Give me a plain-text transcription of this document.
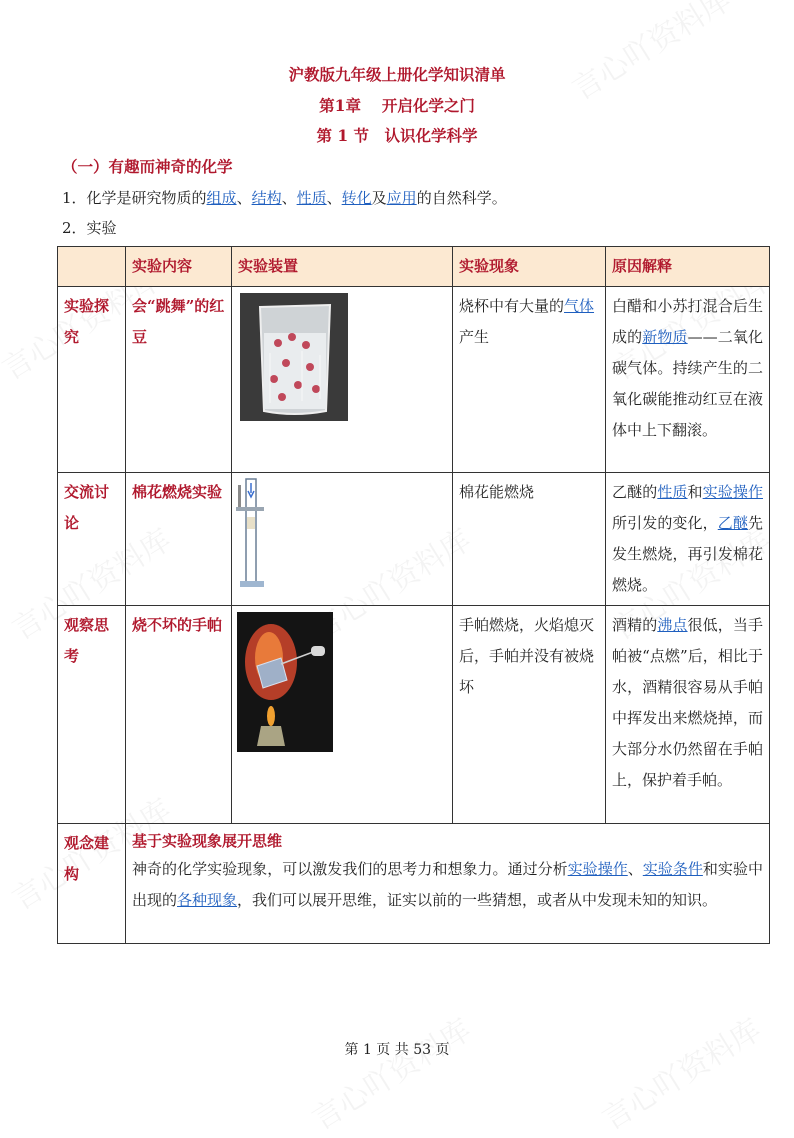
沪教版九年级上册化学知识清单
第1章　 开启化学之门
第 1 节　认识化学科学
（一）有趣而神奇的化学
1．化学是研究物质的组成、结构、性质、转化及应用的自然科学。
2．实验
	实验内容	实验装置	实验现象	原因解释
实验探究	会“跳舞”的红豆		烧杯中有大量的气体产生	白醋和小苏打混合后生成的新物质——二氧化碳气体。持续产生的二氧化碳能推动红豆在液体中上下翻滚。
交流讨论	棉花燃烧实验		棉花能燃烧	乙醚的性质和实验操作所引发的变化，乙醚先发生燃烧，再引发棉花燃烧。
观察思考	烧不坏的手帕		手帕燃烧，火焰熄灭后，手帕并没有被烧坏	酒精的沸点很低，当手帕被“点燃”后，相比于水，酒精很容易从手帕中挥发出来燃烧掉，而大部分水仍然留在手帕上，保护着手帕。
观念建构	基于实验现象展开思维
神奇的化学实验现象，可以激发我们的思考力和想象力。通过分析实验操作、实验条件和实验中出现的各种现象，我们可以展开思维，证实以前的一些猜想，或者从中发现未知的知识。			
第 1 页 共 53 页
